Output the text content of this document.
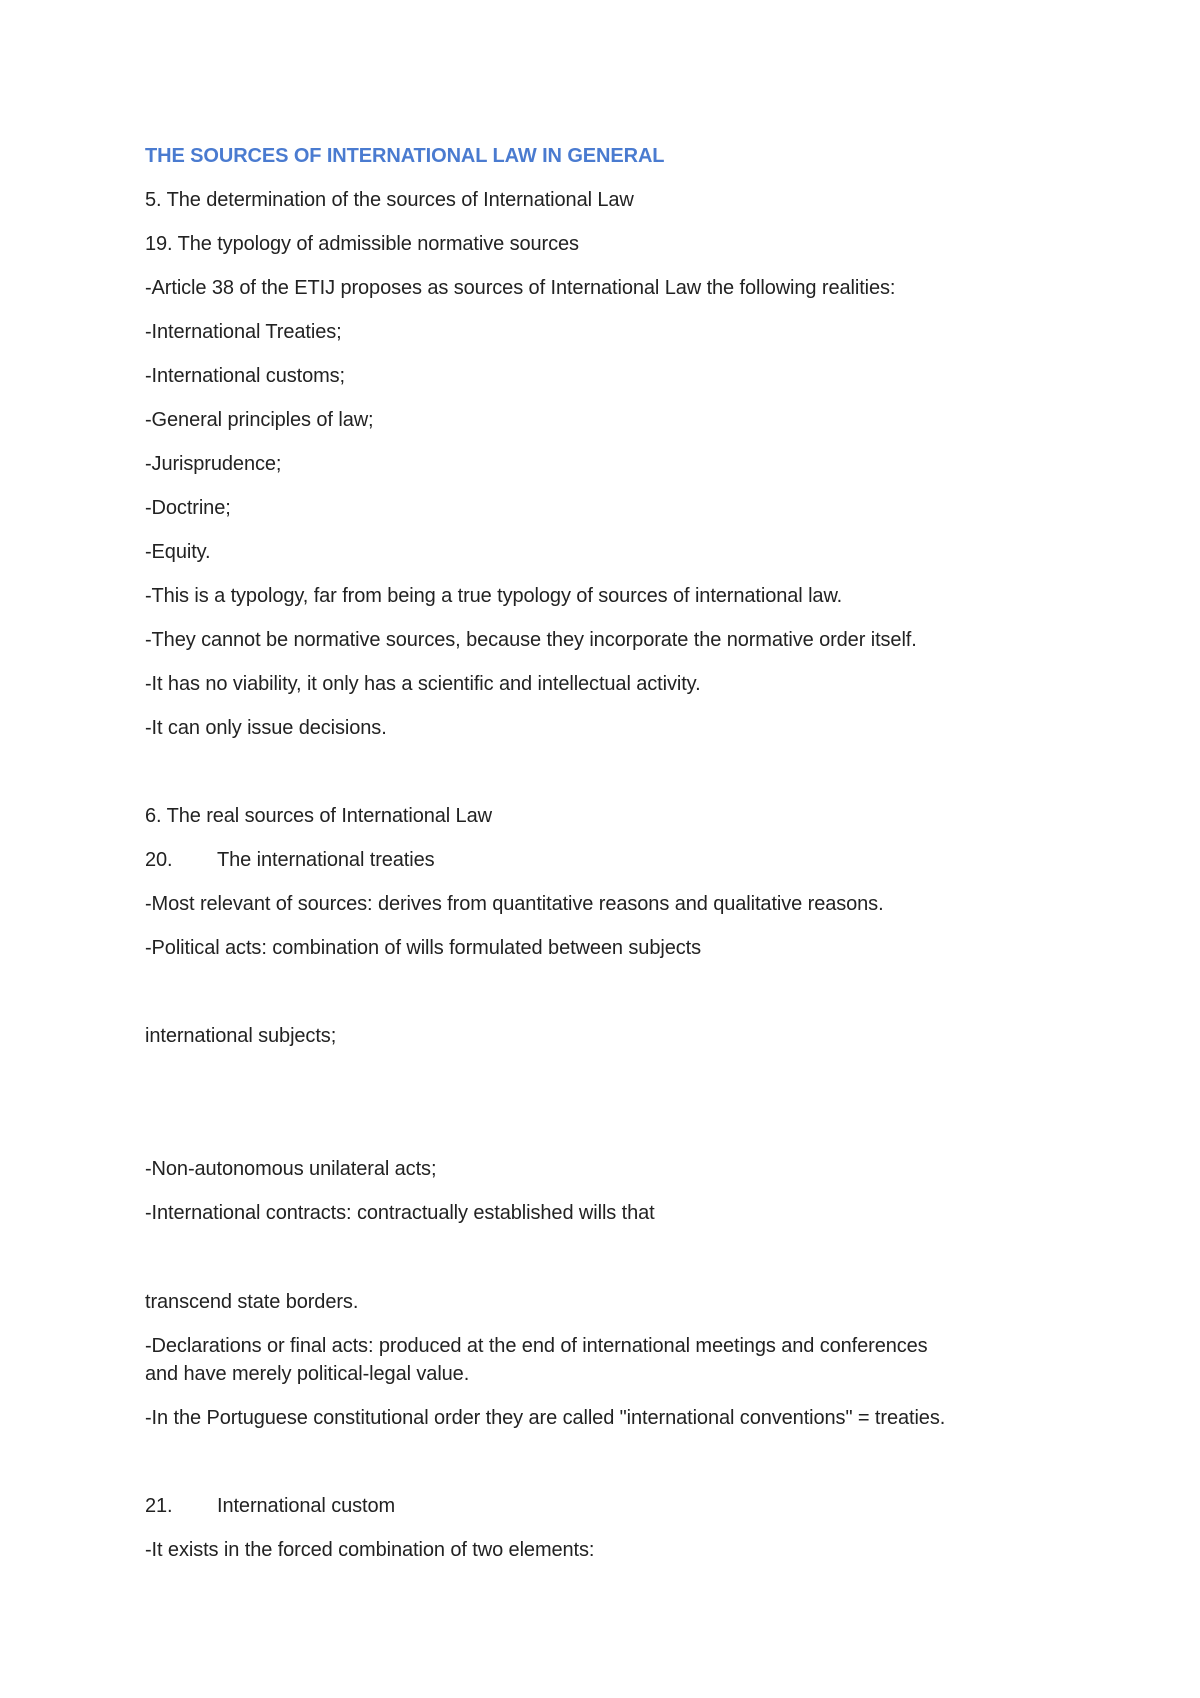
THE SOURCES OF INTERNATIONAL LAW IN GENERAL
5. The determination of the sources of International Law
19. The typology of admissible normative sources
-Article 38 of the ETIJ proposes as sources of International Law the following realities:
-International Treaties;
-International customs;
-General principles of law;
-Jurisprudence;
-Doctrine;
-Equity.
-This is a typology, far from being a true typology of sources of international law.
-They cannot be normative sources, because they incorporate the normative order itself.
-It has no viability, it only has a scientific and intellectual activity.
-It can only issue decisions.
6. The real sources of International Law
20. The international treaties
-Most relevant of sources: derives from quantitative reasons and qualitative reasons.
-Political acts: combination of wills formulated between subjects
international subjects;
-Non-autonomous unilateral acts;
-International contracts: contractually established wills that
transcend state borders.
-Declarations or final acts: produced at the end of international meetings and conferences
and have merely political-legal value.
-In the Portuguese constitutional order they are called "international conventions" = treaties.
21. International custom
-It exists in the forced combination of two elements:
